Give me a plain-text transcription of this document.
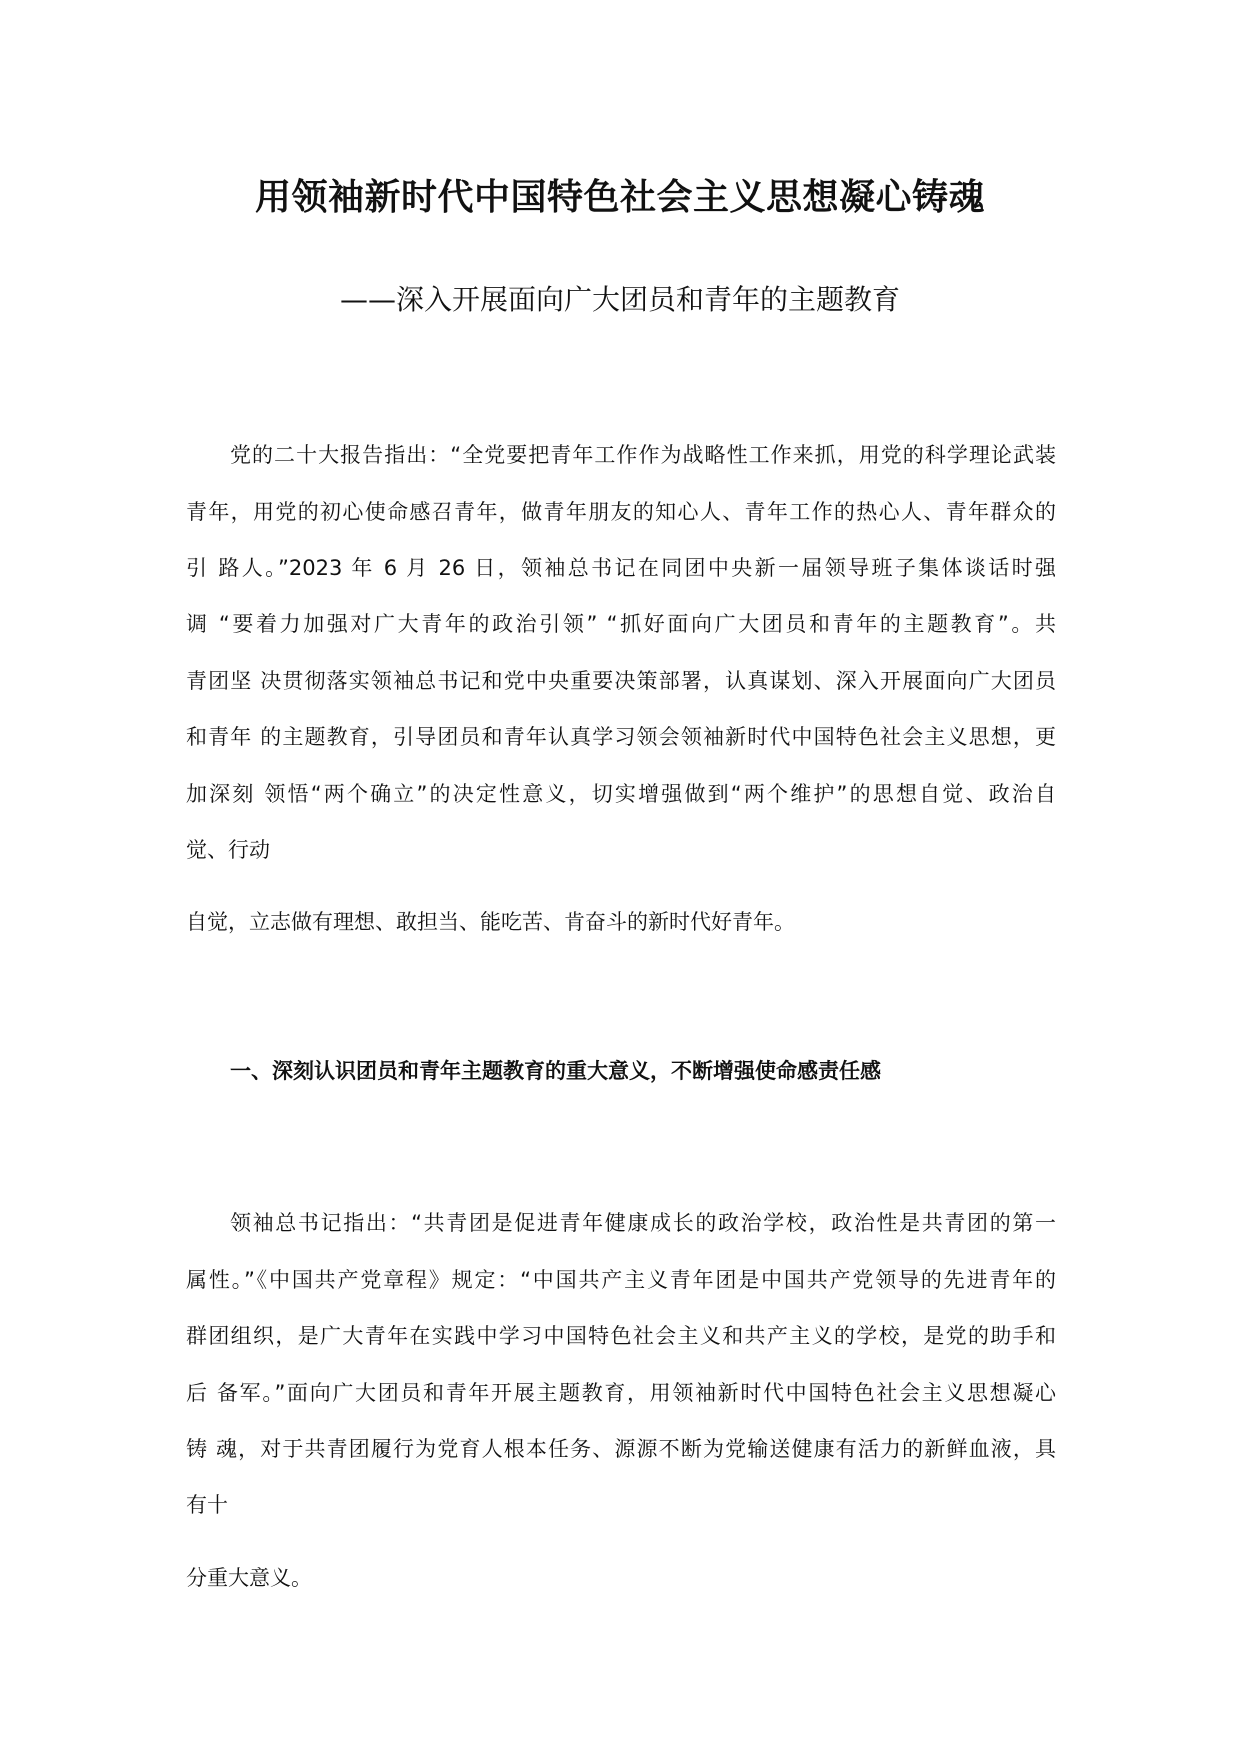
用领袖新时代中国特色社会主义思想凝心铸魂
——深入开展面向广大团员和青年的主题教育
党的二十大报告指出：“全党要把青年工作作为战略性工作来抓，用党的科学理论武装
青年，用党的初心使命感召青年，做青年朋友的知心人、青年工作的热心人、青年群众的
引 路人。”2023 年 6 月 26 日，领袖总书记在同团中央新一届领导班子集体谈话时强
调 “要着力加强对广大青年的政治引领” “抓好面向广大团员和青年的主题教育”。共
青团坚 决贯彻落实领袖总书记和党中央重要决策部署，认真谋划、深入开展面向广大团员
和青年 的主题教育，引导团员和青年认真学习领会领袖新时代中国特色社会主义思想，更
加深刻 领悟“两个确立”的决定性意义，切实增强做到“两个维护”的思想自觉、政治自
觉、行动
自觉，立志做有理想、敢担当、能吃苦、肯奋斗的新时代好青年。
一、深刻认识团员和青年主题教育的重大意义，不断增强使命感责任感
领袖总书记指出：“共青团是促进青年健康成长的政治学校，政治性是共青团的第一
属性。”《中国共产党章程》规定：“中国共产主义青年团是中国共产党领导的先进青年的
群团组织，是广大青年在实践中学习中国特色社会主义和共产主义的学校，是党的助手和
后 备军。”面向广大团员和青年开展主题教育，用领袖新时代中国特色社会主义思想凝心
铸 魂，对于共青团履行为党育人根本任务、源源不断为党输送健康有活力的新鲜血液，具
有十
分重大意义。
